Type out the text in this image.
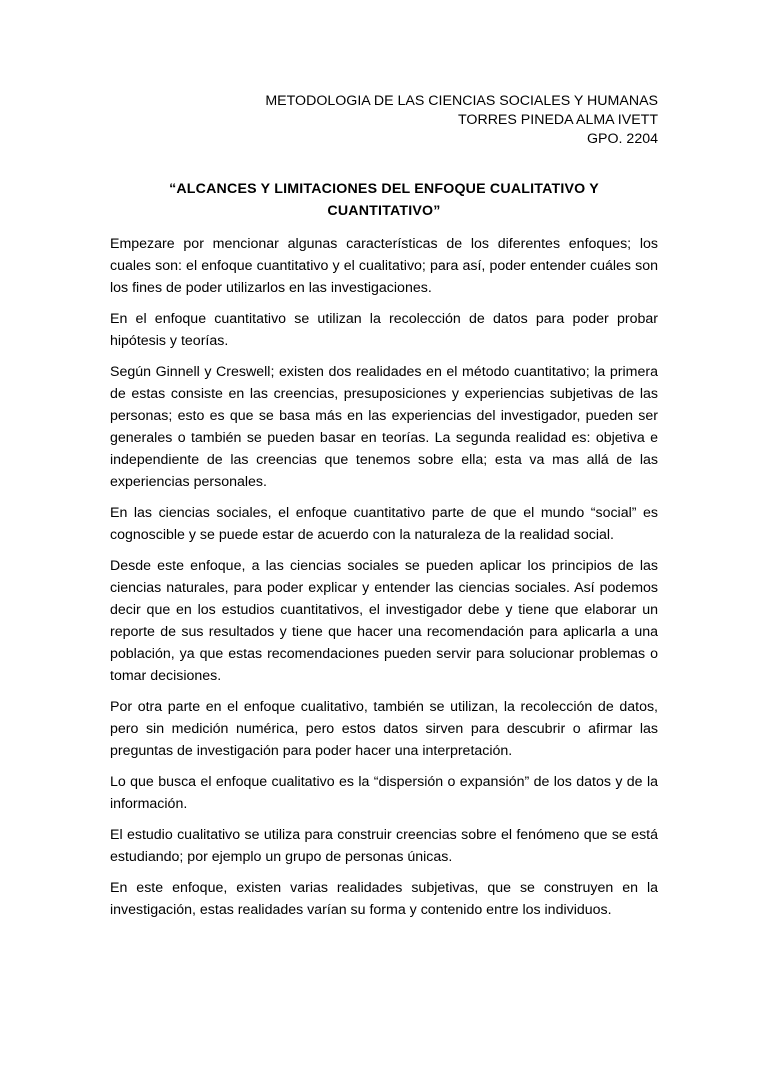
METODOLOGIA DE LAS CIENCIAS SOCIALES Y HUMANAS
TORRES PINEDA ALMA IVETT
GPO. 2204
“ALCANCES Y LIMITACIONES DEL ENFOQUE CUALITATIVO Y
CUANTITATIVO”

Empezare por mencionar algunas características de los diferentes enfoques; los cuales son: el enfoque cuantitativo y el cualitativo; para así, poder entender cuáles son los fines de poder utilizarlos en las investigaciones.

En el enfoque cuantitativo se utilizan la recolección de datos para poder probar hipótesis y teorías.

Según Ginnell y Creswell; existen dos realidades en el método cuantitativo; la primera de estas consiste en las creencias, presuposiciones y experiencias subjetivas de las personas; esto es que se basa más en las experiencias del investigador, pueden ser generales o también se pueden basar en teorías. La segunda realidad es: objetiva e independiente de las creencias que tenemos sobre ella; esta va mas allá de las experiencias personales.

En las ciencias sociales, el enfoque cuantitativo parte de que el mundo “social” es cognoscible y se puede estar de acuerdo con la naturaleza de la realidad social.

Desde este enfoque, a las ciencias sociales se pueden aplicar los principios de las ciencias naturales, para poder explicar y entender las ciencias sociales. Así podemos decir que en los estudios cuantitativos, el investigador debe y tiene que elaborar un reporte de sus resultados y tiene que hacer una recomendación para aplicarla a una población, ya que estas recomendaciones pueden servir para solucionar problemas o tomar decisiones.

Por otra parte en el enfoque cualitativo, también se utilizan, la recolección de datos, pero sin medición numérica, pero estos datos sirven para descubrir o afirmar las preguntas de investigación para poder hacer una interpretación.

Lo que busca el enfoque cualitativo es la “dispersión o expansión” de los datos y de la información.

El estudio cualitativo se utiliza para construir creencias sobre el fenómeno que se está estudiando; por ejemplo un grupo de personas únicas.

En este enfoque, existen varias realidades subjetivas, que se construyen en la investigación, estas realidades varían su forma y contenido entre los individuos.
